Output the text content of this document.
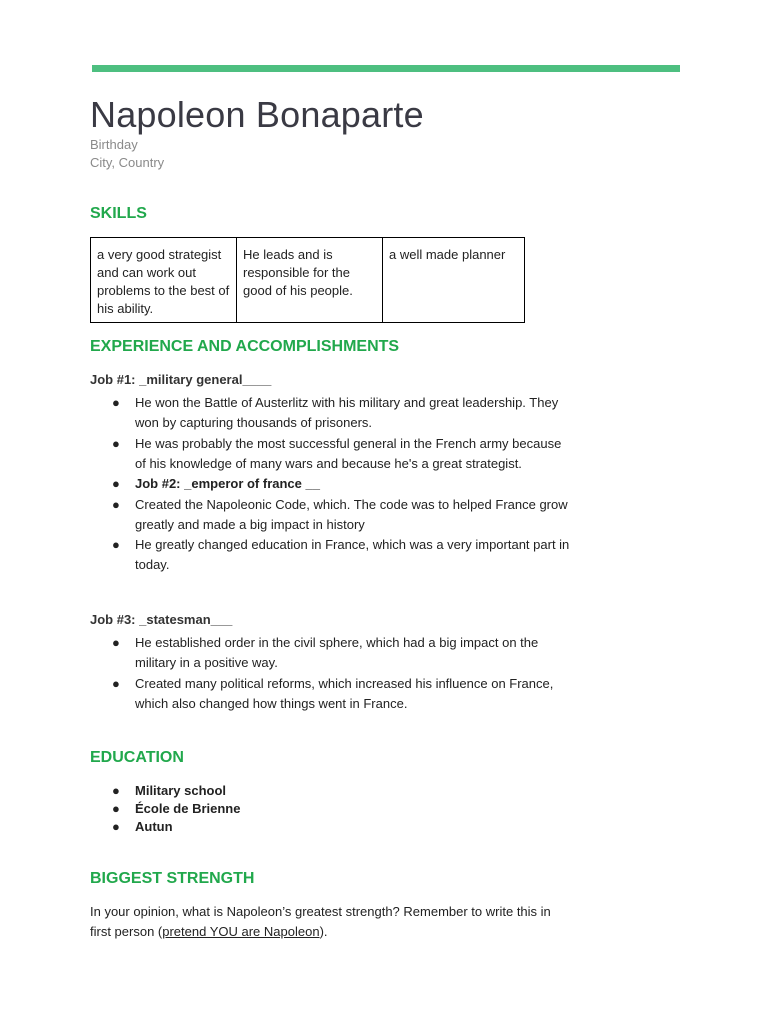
Napoleon Bonaparte
Birthday
City, Country
SKILLS
a very good strategist and can work out problems to the best of his ability.	He leads and is responsible for the good of his people.	a well made planner
EXPERIENCE AND ACCOMPLISHMENTS
Job #1: _military general____
● He won the Battle of Austerlitz with his military and great leadership. They won by capturing thousands of prisoners.
● He was probably the most successful general in the French army because of his knowledge of many wars and because he's a great strategist.
● Job #2: _emperor of france __
● Created the Napoleonic Code, which. The code was to helped France grow greatly and made a big impact in history
● He greatly changed education in France, which was a very important part in today.
Job #3: _statesman___
● He established order in the civil sphere, which had a big impact on the military in a positive way.
● Created many political reforms, which increased his influence on France, which also changed how things went in France.
EDUCATION
● Military school
● École de Brienne
● Autun
BIGGEST STRENGTH
In your opinion, what is Napoleon’s greatest strength? Remember to write this in first person (pretend YOU are Napoleon).
